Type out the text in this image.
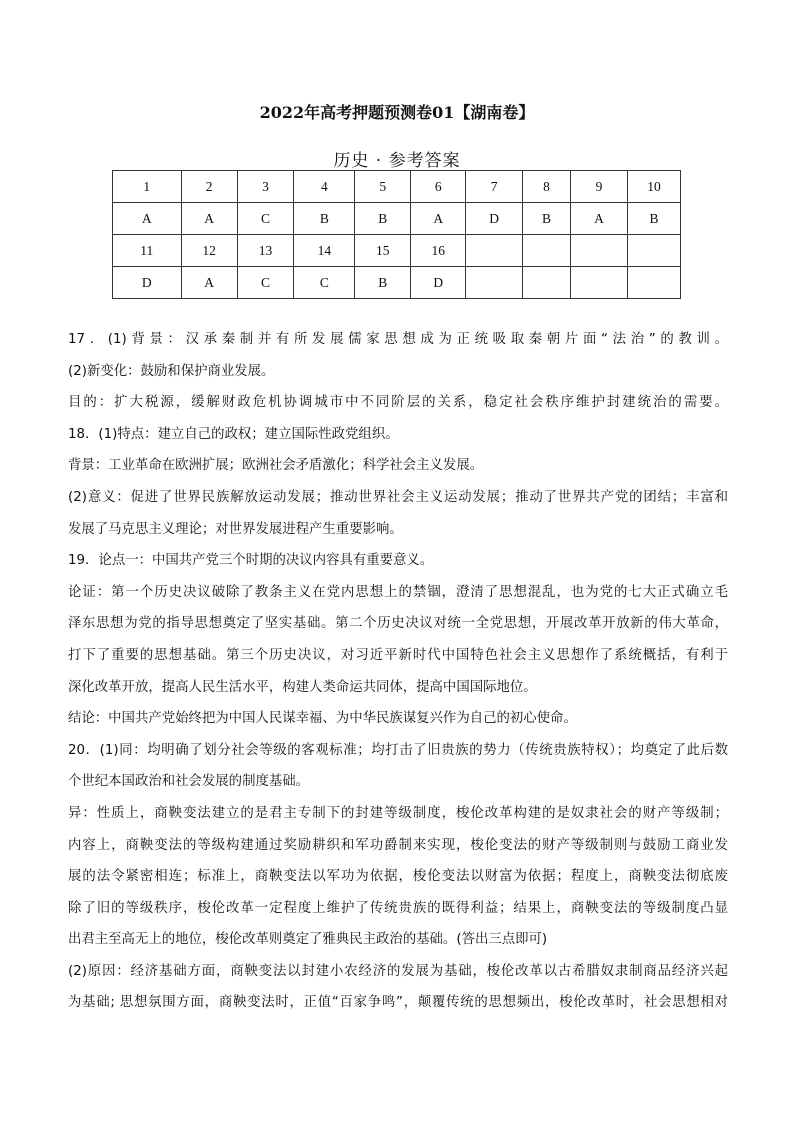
2022年高考押题预测卷01【湖南卷】
历史 · 参考答案
1	2	3	4	5	6	7	8	9	10
A	A	C	B	B	A	D	B	A	B
11	12	13	14	15	16				
D	A	C	C	B	D				

17．(1)背景：汉承秦制并有所发展儒家思想成为正统吸取秦朝片面“法治”的教训。

(2)新变化：鼓励和保护商业发展。

目的：扩大税源，缓解财政危机协调城市中不同阶层的关系，稳定社会秩序维护封建统治的需要。

18．(1)特点：建立自己的政权；建立国际性政党组织。

背景：工业革命在欧洲扩展；欧洲社会矛盾激化；科学社会主义发展。

(2)意义：促进了世界民族解放运动发展；推动世界社会主义运动发展；推动了世界共产党的团结；丰富和

发展了马克思主义理论；对世界发展进程产生重要影响。

19．论点一：中国共产党三个时期的决议内容具有重要意义。

论证：第一个历史决议破除了教条主义在党内思想上的禁锢，澄清了思想混乱，也为党的七大正式确立毛

泽东思想为党的指导思想奠定了坚实基础。第二个历史决议对统一全党思想，开展改革开放新的伟大革命，

打下了重要的思想基础。第三个历史决议，对习近平新时代中国特色社会主义思想作了系统概括，有利于

深化改革开放，提高人民生活水平，构建人类命运共同体，提高中国国际地位。

结论：中国共产党始终把为中国人民谋幸福、为中华民族谋复兴作为自己的初心使命。

20．(1)同：均明确了划分社会等级的客观标准；均打击了旧贵族的势力（传统贵族特权）；均奠定了此后数

个世纪本国政治和社会发展的制度基础。

异：性质上，商鞅变法建立的是君主专制下的封建等级制度，梭伦改革构建的是奴隶社会的财产等级制；

内容上，商鞅变法的等级构建通过奖励耕织和军功爵制来实现，梭伦变法的财产等级制则与鼓励工商业发

展的法令紧密相连；标准上，商鞅变法以军功为依据，梭伦变法以财富为依据；程度上，商鞅变法彻底废

除了旧的等级秩序，梭伦改革一定程度上维护了传统贵族的既得利益；结果上，商鞅变法的等级制度凸显

出君主至高无上的地位，梭伦改革则奠定了雅典民主政治的基础。(答出三点即可)

(2)原因：经济基础方面，商鞅变法以封建小农经济的发展为基础，梭伦改革以古希腊奴隶制商品经济兴起

为基础; 思想氛围方面，商鞅变法时，正值“百家争鸣”，颠覆传统的思想频出，梭伦改革时，社会思想相对
